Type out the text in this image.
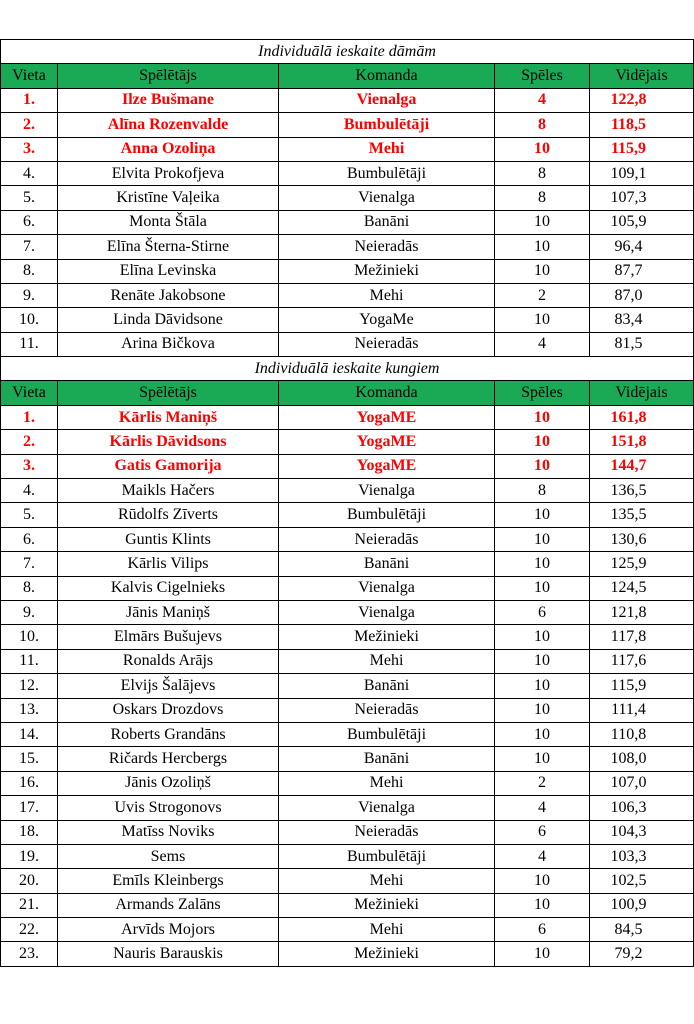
Individuālā ieskaite dāmām				
Vieta	Spēlētājs	Komanda	Spēles	Vidējais
1.	Ilze Bušmane	Vienalga	4	122,8
2.	Alīna Rozenvalde	Bumbulētāji	8	118,5
3.	Anna Ozoliņa	Mehi	10	115,9
4.	Elvita Prokofjeva	Bumbulētāji	8	109,1
5.	Kristīne Vaļeika	Vienalga	8	107,3
6.	Monta Štāla	Banāni	10	105,9
7.	Elīna Šterna-Stirne	Neieradās	10	96,4
8.	Elīna Levinska	Mežinieki	10	87,7
9.	Renāte Jakobsone	Mehi	2	87,0
10.	Linda Dāvidsone	YogaMe	10	83,4
11.	Arina Bičkova	Neieradās	4	81,5
Individuālā ieskaite kungiem				
Vieta	Spēlētājs	Komanda	Spēles	Vidējais
1.	Kārlis Maniņš	YogaME	10	161,8
2.	Kārlis Dāvidsons	YogaME	10	151,8
3.	Gatis Gamorija	YogaME	10	144,7
4.	Maikls Hačers	Vienalga	8	136,5
5.	Rūdolfs Zīverts	Bumbulētāji	10	135,5
6.	Guntis Klints	Neieradās	10	130,6
7.	Kārlis Vilips	Banāni	10	125,9
8.	Kalvis Cigelnieks	Vienalga	10	124,5
9.	Jānis Maniņš	Vienalga	6	121,8
10.	Elmārs Bušujevs	Mežinieki	10	117,8
11.	Ronalds Arājs	Mehi	10	117,6
12.	Elvijs Šalājevs	Banāni	10	115,9
13.	Oskars Drozdovs	Neieradās	10	111,4
14.	Roberts Grandāns	Bumbulētāji	10	110,8
15.	Ričards Hercbergs	Banāni	10	108,0
16.	Jānis Ozoliņš	Mehi	2	107,0
17.	Uvis Strogonovs	Vienalga	4	106,3
18.	Matīss Noviks	Neieradās	6	104,3
19.	Sems	Bumbulētāji	4	103,3
20.	Emīls Kleinbergs	Mehi	10	102,5
21.	Armands Zalāns	Mežinieki	10	100,9
22.	Arvīds Mojors	Mehi	6	84,5
23.	Nauris Barauskis	Mežinieki	10	79,2
